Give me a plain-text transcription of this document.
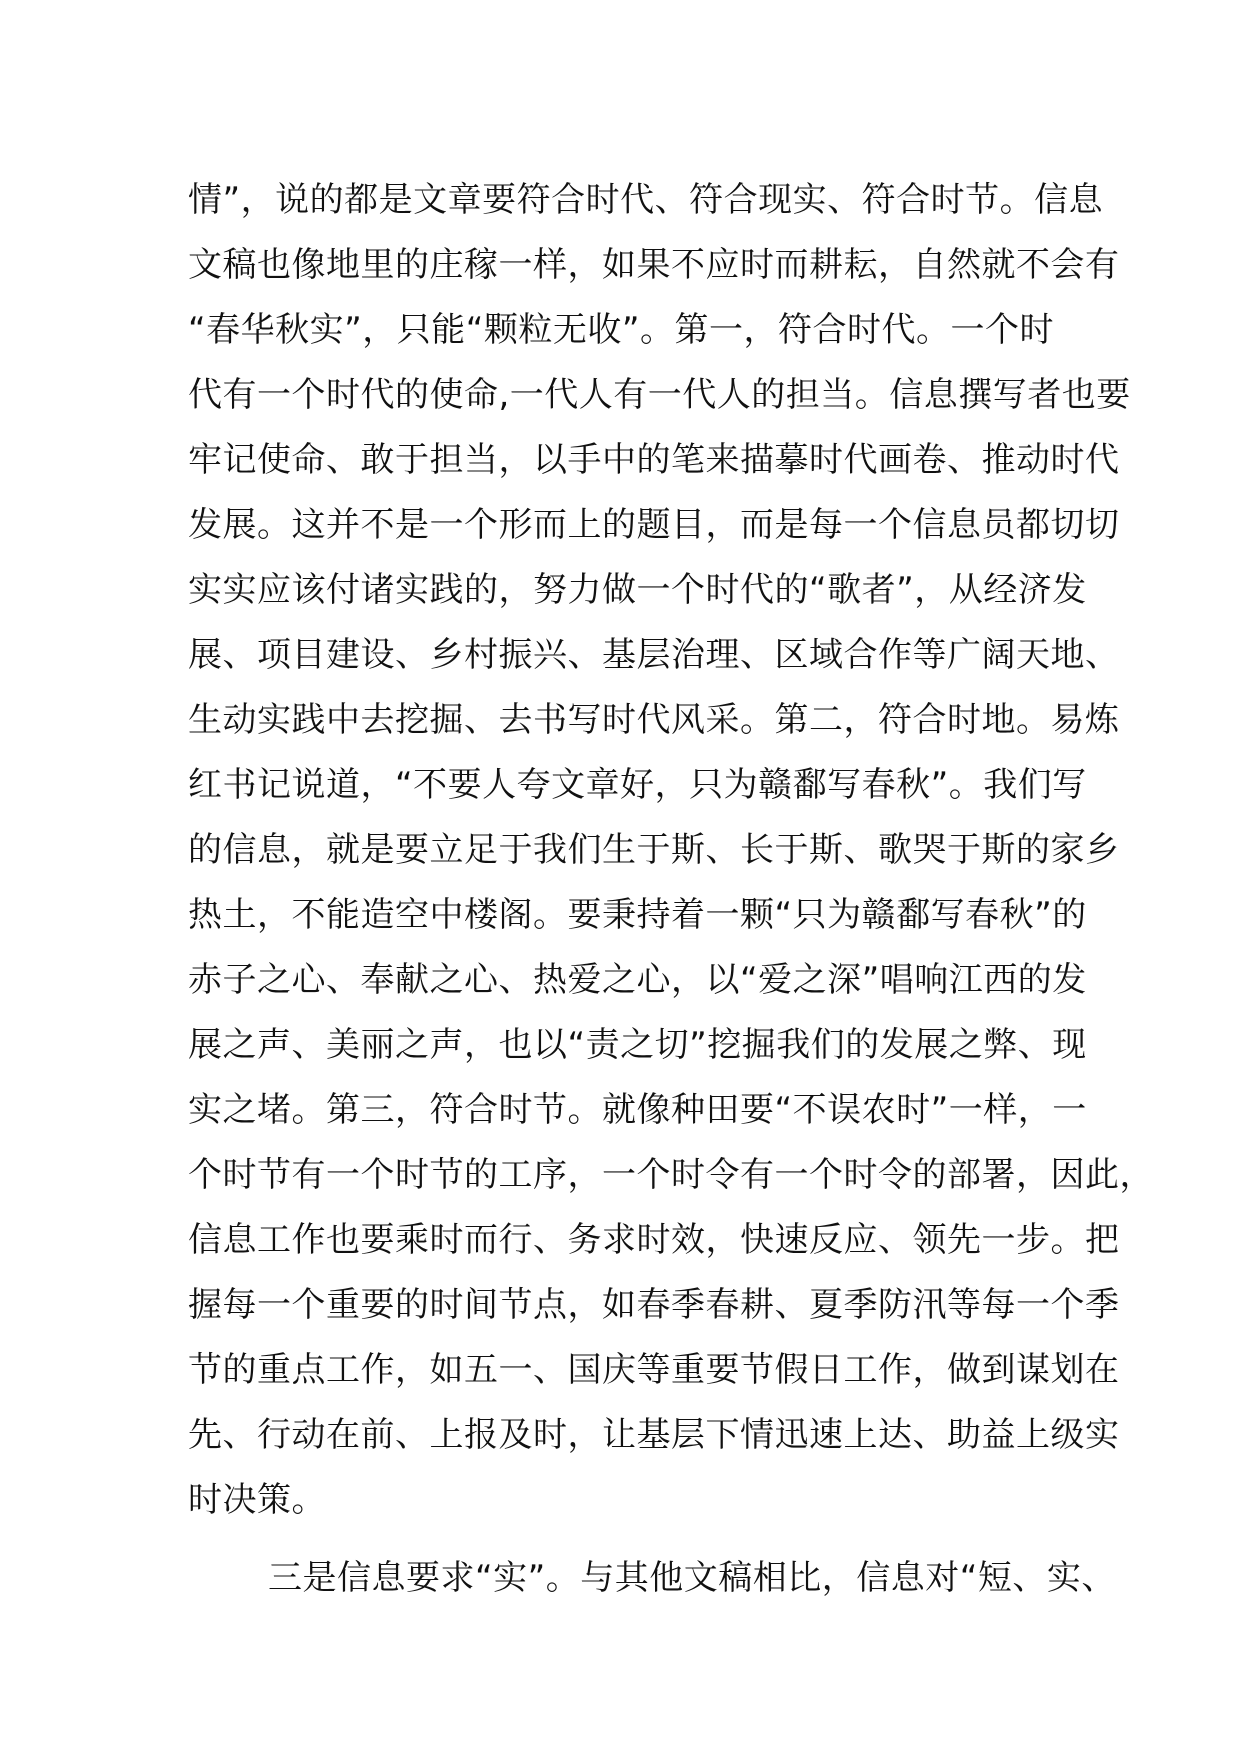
情”，说的都是文章要符合时代、符合现实、符合时节。信息
文稿也像地里的庄稼一样，如果不应时而耕耘，自然就不会有
“春华秋实”，只能“颗粒无收”。第一，符合时代。一个时
代有一个时代的使命,一代人有一代人的担当。信息撰写者也要
牢记使命、敢于担当，以手中的笔来描摹时代画卷、推动时代
发展。这并不是一个形而上的题目，而是每一个信息员都切切
实实应该付诸实践的，努力做一个时代的“歌者”，从经济发
展、项目建设、乡村振兴、基层治理、区域合作等广阔天地、
生动实践中去挖掘、去书写时代风采。第二，符合时地。易炼
红书记说道，“不要人夸文章好，只为赣鄱写春秋”。我们写
的信息，就是要立足于我们生于斯、长于斯、歌哭于斯的家乡
热土，不能造空中楼阁。要秉持着一颗“只为赣鄱写春秋”的
赤子之心、奉献之心、热爱之心，以“爱之深”唱响江西的发
展之声、美丽之声，也以“责之切”挖掘我们的发展之弊、现
实之堵。第三，符合时节。就像种田要“不误农时”一样，一
个时节有一个时节的工序，一个时令有一个时令的部署，因此，
信息工作也要乘时而行、务求时效，快速反应、领先一步。把
握每一个重要的时间节点，如春季春耕、夏季防汛等每一个季
节的重点工作，如五一、国庆等重要节假日工作，做到谋划在
先、行动在前、上报及时，让基层下情迅速上达、助益上级实
时决策。
三是信息要求“实”。与其他文稿相比，信息对“短、实、
